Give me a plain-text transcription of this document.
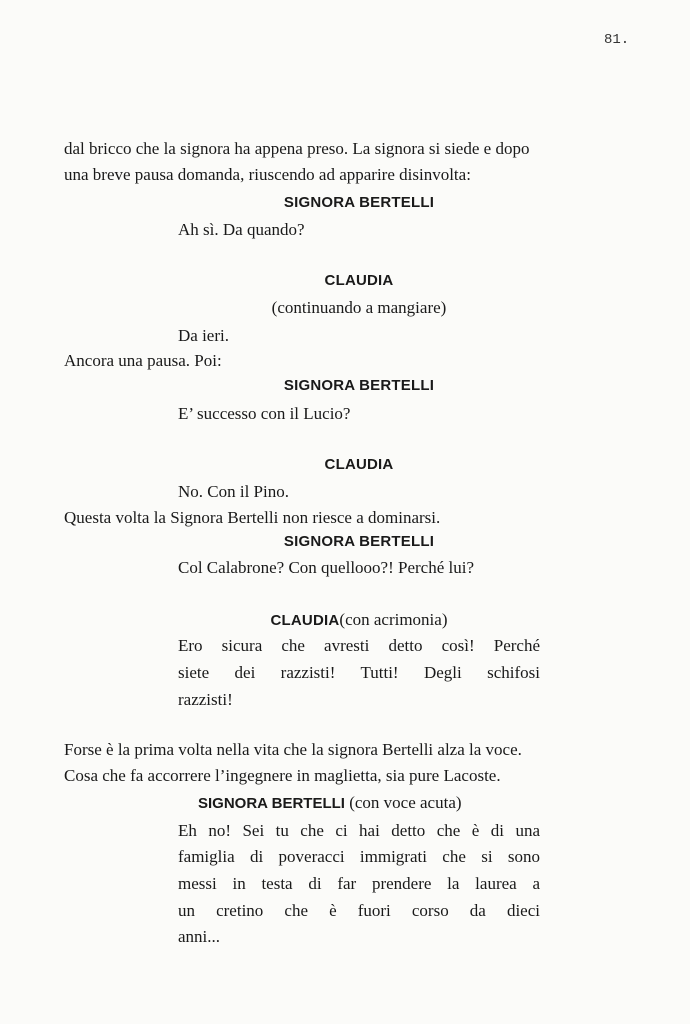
81.
dal bricco che la signora ha appena preso. La signora si siede e dopo
una breve pausa domanda, riuscendo ad apparire disinvolta:
SIGNORA BERTELLI
Ah sì. Da quando?
CLAUDIA
(continuando a mangiare)
Da ieri.
Ancora una pausa. Poi:
SIGNORA BERTELLI
E’ successo con il Lucio?
CLAUDIA
No. Con il Pino.
Questa volta la Signora Bertelli non riesce a dominarsi.
SIGNORA BERTELLI
Col Calabrone? Con quellooo?! Perché lui?
CLAUDIA(con acrimonia)
Ero sicura che avresti detto così! Perché
siete dei razzisti! Tutti! Degli schifosi
razzisti!
Forse è la prima volta nella vita che la signora Bertelli alza la voce.
Cosa che fa accorrere l’ingegnere in maglietta, sia pure Lacoste.
SIGNORA BERTELLI (con voce acuta)
Eh no! Sei tu che ci hai detto che è di una
famiglia di poveracci immigrati che si sono
messi in testa di far prendere la laurea a
un cretino che è fuori corso da dieci
anni...
